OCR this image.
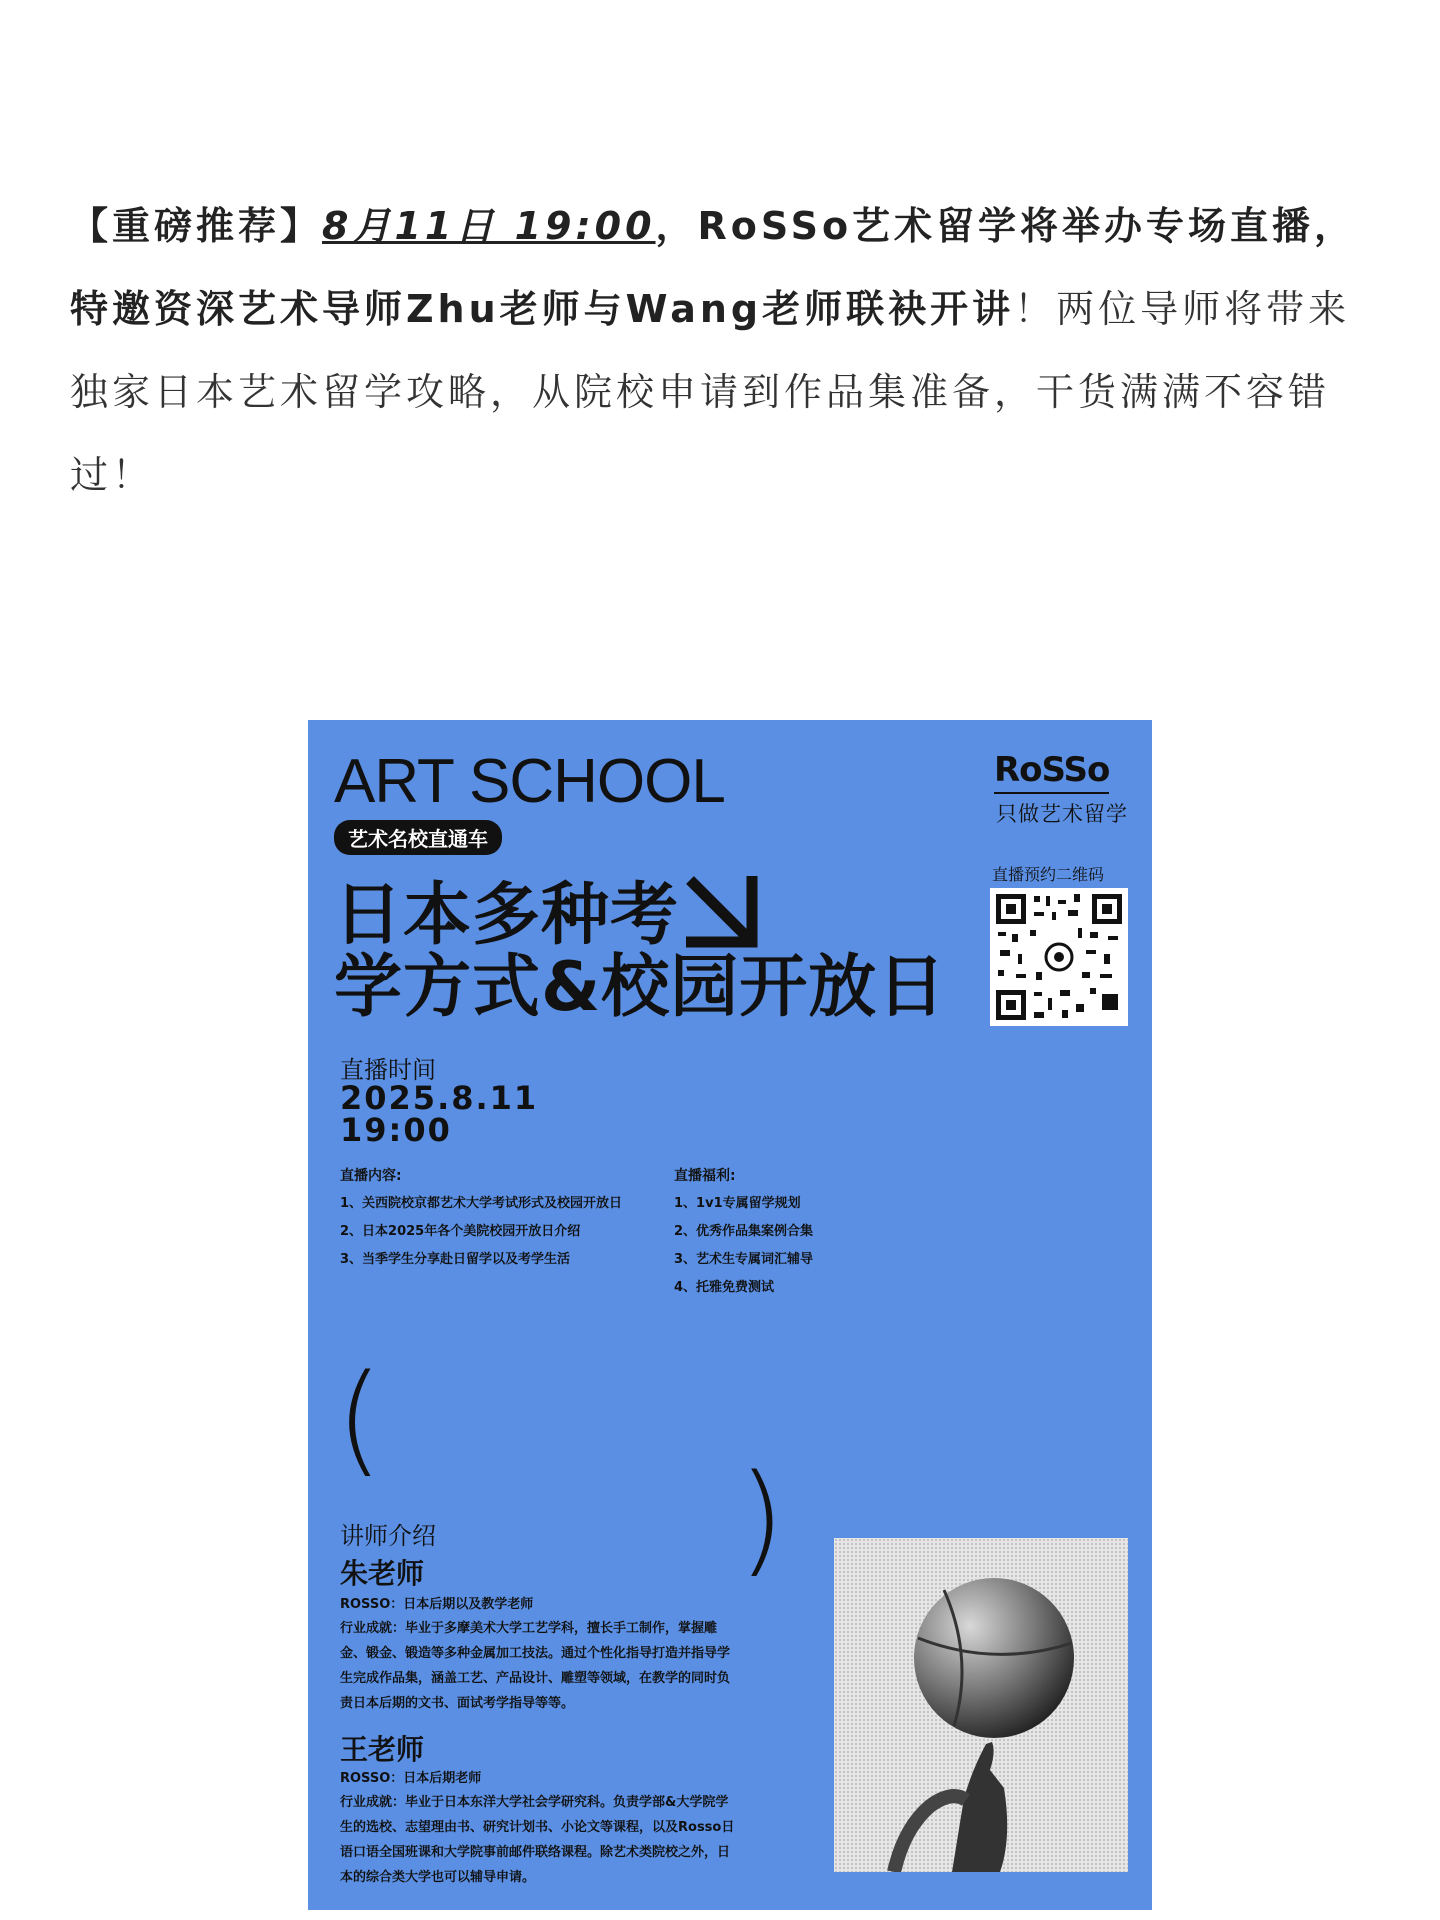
【重磅推荐】8月11日 19:00，RoSSo艺术留学将举办专场直播，特邀资深艺术导师Zhu老师与Wang老师联袂开讲！两位导师将带来独家日本艺术留学攻略，从院校申请到作品集准备，干货满满不容错过！
ART SCHOOL
艺术名校直通车
日本多种考
学方式&校园开放日
RoSSo
只做艺术留学
直播预约二维码
直播时间
2025.8.11
19:00
直播内容:
1、关西院校京都艺术大学考试形式及校园开放日
2、日本2025年各个美院校园开放日介绍
3、当季学生分享赴日留学以及考学生活
直播福利:
1、1v1专属留学规划
2、优秀作品集案例合集
3、艺术生专属词汇辅导
4、托雅免费测试
(
)
讲师介绍
朱老师
ROSSO：日本后期以及教学老师
行业成就：毕业于多摩美术大学工艺学科，擅长手工制作，掌握雕金、锻金、锻造等多种金属加工技法。通过个性化指导打造并指导学生完成作品集，涵盖工艺、产品设计、雕塑等领域，在教学的同时负责日本后期的文书、面试考学指导等等。
王老师
ROSSO：日本后期老师
行业成就：毕业于日本东洋大学社会学研究科。负责学部&大学院学生的选校、志望理由书、研究计划书、小论文等课程，以及Rosso日语口语全国班课和大学院事前邮件联络课程。除艺术类院校之外，日本的综合类大学也可以辅导申请。
